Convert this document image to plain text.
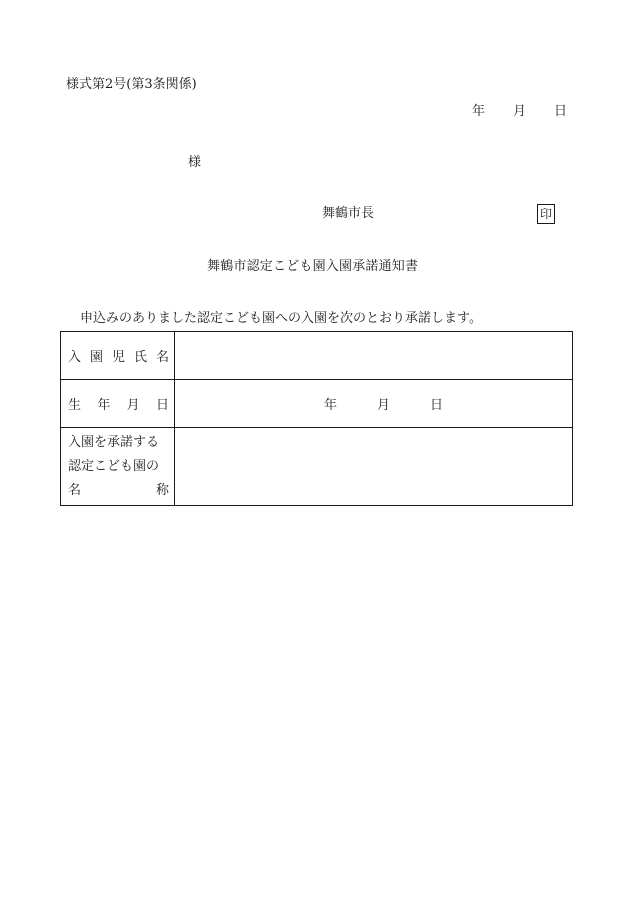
様式第2号(第3条関係)
年 月 日
様
舞鶴市長	印
舞鶴市認定こども園入園承諾通知書
申込みのありました認定こども園への入園を次のとおり承諾します。
入 園 児 氏 名	

生 年 月 日	年 月 日

入園を承諾する
認定こども園の
名 称	
